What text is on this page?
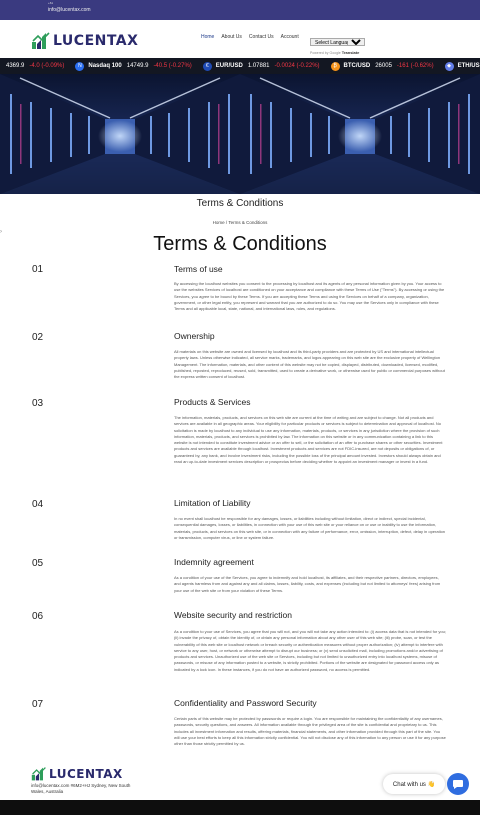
+61
info@lucentax.com
LUCENTAX	Home About Us Contact Us Account
Select Language
Powered by Google Translate
4369.9 -4.0 (-0.09%)	N	Nasdaq 100 14749.9 -40.5 (-0.27%)	€	EUR/USD 1.07881 -0.0024 (-0.22%)	₿	BTC/USD 26005 -161 (-0.62%)	◆	ETH/USD
Terms & Conditions
Home / Terms & Conditions
›
Terms & Conditions
01	Terms of use
By accessing the localhost websites you consent to the processing by localhost and its agents of any personal information given by you. Your access to use the websites Services of localhost are conditioned on your acceptance and compliance with these Terms of Use ("Terms"). By accessing or using the Services, you agree to be bound by these Terms. If you are accepting these Terms and using the Services on behalf of a company, organization, government, or other legal entity, you represent and warrant that you are authorized to do so. You may use the Services only in compliance with these Terms and all applicable local, state, national, and international laws, rules, and regulations.
02	Ownership
All materials on this website are owned and licensed by localhost and its third-party providers and are protected by US and international intellectual property laws. Unless otherwise indicated, all service marks, trademarks, and logos appearing on this web site are the exclusive property of Wellington Management. The information, materials, and other content of this website may not be copied, displayed, distributed, downloaded, licensed, modified, published, reposted, reproduced, reused, sold, transmitted, used to create a derivative work, or otherwise used for public or commercial purposes without the express written consent of localhost.
03	Products & Services
The information, materials, products, and services on this web site are current at the time of writing and are subject to change. Not all products and services are available in all geographic areas. Your eligibility for particular products or services is subject to determination and approval of localhost. No solicitation is made by localhost to any individual to use any information, materials, products, or services in any jurisdiction where the provision of such information, materials, products, and services is prohibited by law. The information on this website or in any communication containing a link to this website is not intended to constitute investment advice or an offer to sell, or the solicitation of an offer to purchase shares or other securities. Investment products and services are available through localhost. Investment products and services are not FDIC-insured, are not deposits or obligations of, or guaranteed by, any bank, and involve investment risks, including the possible loss of the principal amount invested. Investors should always obtain and read an up-to-date investment services description or prospectus before deciding whether to appoint an investment manager or invest in a fund.
04	Limitation of Liability
In no event shall localhost be responsible for any damages, losses, or liabilities including without limitation, direct or indirect, special incidental, consequential damages, losses, or liabilities, in connection with your use of this web site or your reliance on or use or inability to use the information, materials, products, and services on this web site, or in connection with any failure of performance, error, omission, interruption, defect, delay in operation or transmission, computer virus, or line or system failure.
05	Indemnity agreement
As a condition of your use of the Services, you agree to indemnify and hold localhost, its affiliates, and their respective partners, directors, employees, and agents harmless from and against any and all claims, losses, liability, costs, and expenses (including but not limited to attorneys' fees) arising from your use of the web site or from your violation of these Terms.
06	Website security and restriction
As a condition to your use of Services, you agree that you will not, and you will not take any action intended to: (i) access data that is not intended for you; (ii) invade the privacy of, obtain the identity of, or obtain any personal information about any other user of this web site; (iii) probe, scan, or test the vulnerability of this web site or localhost network or breach security or authentication measures without proper authorization; (iv) attempt to interfere with service to any user, host, or network or otherwise attempt to disrupt our business; or (v) send unsolicited mail, including promotions and/or advertising of products and services. Unauthorized use of the web site or Services, including but not limited to unauthorized entry into localhost systems, misuse of passwords, or misuse of any information posted to a website, is strictly prohibited. Portions of the website are designated for password access only as indicated by a lock icon. In these instances, if you do not have an authorized password, no access is permitted.
07	Confidentiality and Password Security
Certain parts of this website may be protected by passwords or require a login. You are responsible for maintaining the confidentiality of any usernames, passwords, security questions, and answers. All information available through the privileged area of the site is confidential and proprietary to us. This includes all investment information and results, offering materials, financial statements, and other information provided through this part of the site. You will use your best efforts to keep all this information strictly confidential. You will not disclose any of this information to any person or use it for any purpose other than those strictly permitted by us.
LUCENTAX
info@lucentax.com #6M2+HJ Sydney, New South Wales, Australia
Chat with us 👋
